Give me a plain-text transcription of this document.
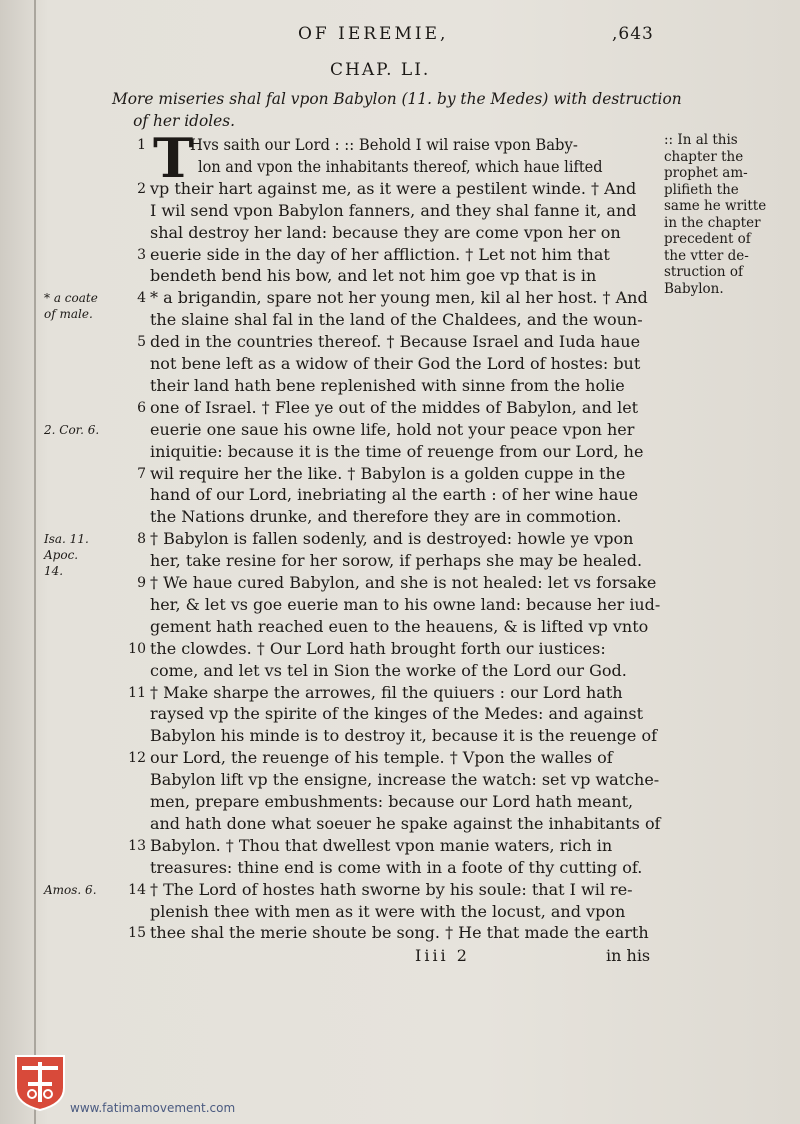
OF IEREMIE,	,643
CHAP. LI.
More miseries shal fal vpon Babylon (11. by the Medes) with destruction
of her idoles.
T
1	Hvs saith our Lord : :: Behold I wil raise vpon Baby-
lon and vpon the inhabitants thereof, which haue lifted
2 vp their hart against me, as it were a pestilent winde. † And
I wil send vpon Babylon fanners, and they shal fanne it, and
shal destroy her land: because they are come vpon her on
3 euerie side in the day of her affliction. † Let not him that
bendeth bend his bow, and let not him goe vp that is in
4 * a brigandin, spare not her young men, kil al her host. † And
the slaine shal fal in the land of the Chaldees, and the woun-
5 ded in the countries thereof. † Because Israel and Iuda haue
not bene left as a widow of their God the Lord of hostes: but
their land hath bene replenished with sinne from the holie
6 one of Israel. † Flee ye out of the middes of Babylon, and let
euerie one saue his owne life, hold not your peace vpon her
iniquitie: because it is the time of reuenge from our Lord, he
7 wil require her the like. † Babylon is a golden cuppe in the
hand of our Lord, inebriating al the earth : of her wine haue
the Nations drunke, and therefore they are in commotion.
8 † Babylon is fallen sodenly, and is destroyed: howle ye vpon
her, take resine for her sorow, if perhaps she may be healed.
9 † We haue cured Babylon, and she is not healed: let vs forsake
her, & let vs goe euerie man to his owne land: because her iud-
gement hath reached euen to the heauens, & is lifted vp vnto
10 the clowdes. † Our Lord hath brought forth our iustices:
come, and let vs tel in Sion the worke of the Lord our God.
11 † Make sharpe the arrowes, fil the quiuers : our Lord hath
raysed vp the spirite of the kinges of the Medes: and against
Babylon his minde is to destroy it, because it is the reuenge of
12 our Lord, the reuenge of his temple. † Vpon the walles of
Babylon lift vp the ensigne, increase the watch: set vp watche-
men, prepare embushments: because our Lord hath meant,
and hath done what soeuer he spake against the inhabitants of
13 Babylon. † Thou that dwellest vpon manie waters, rich in
treasures: thine end is come with in a foote of thy cutting of.
14 † The Lord of hostes hath sworne by his soule: that I wil re-
plenish thee with men as it were with the locust, and vpon
15 thee shal the merie shoute be song. † He that made the earth
:: In al this
chapter the
prophet am-
plifieth the
same he writte
in the chapter
precedent of
the vtter de-
struction of
Babylon.
* a coate
of male.
2. Cor. 6.
Isa. 11.
Apoc.
14.
Amos. 6.
Iiii 2	in his
www.fatimamovement.com
